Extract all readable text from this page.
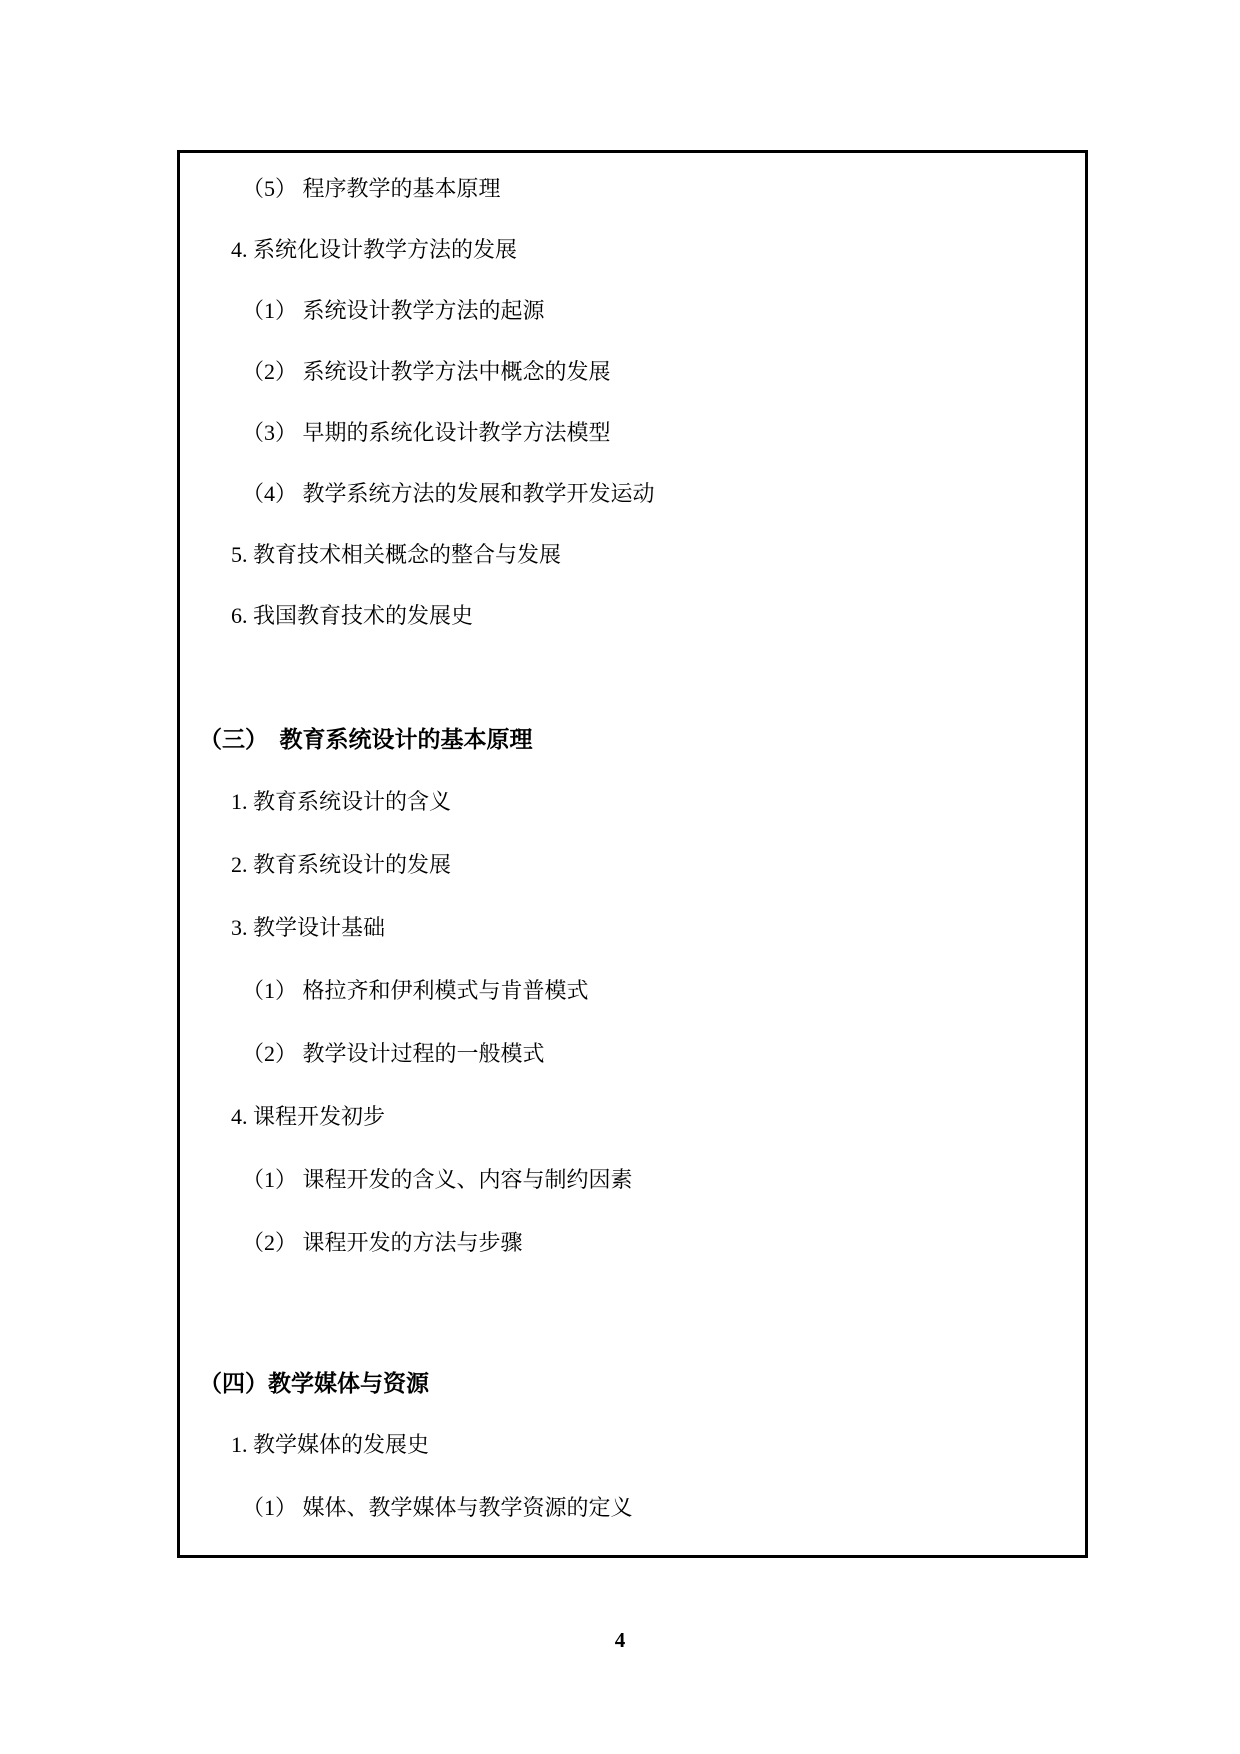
（5） 程序教学的基本原理
4. 系统化设计教学方法的发展
（1） 系统设计教学方法的起源
（2） 系统设计教学方法中概念的发展
（3） 早期的系统化设计教学方法模型
（4） 教学系统方法的发展和教学开发运动
5. 教育技术相关概念的整合与发展
6. 我国教育技术的发展史
（三）　教育系统设计的基本原理
1. 教育系统设计的含义
2. 教育系统设计的发展
3. 教学设计基础
（1） 格拉齐和伊利模式与肯普模式
（2） 教学设计过程的一般模式
4. 课程开发初步
（1） 课程开发的含义、内容与制约因素
（2） 课程开发的方法与步骤
（四）教学媒体与资源
1. 教学媒体的发展史
（1） 媒体、教学媒体与教学资源的定义
4
